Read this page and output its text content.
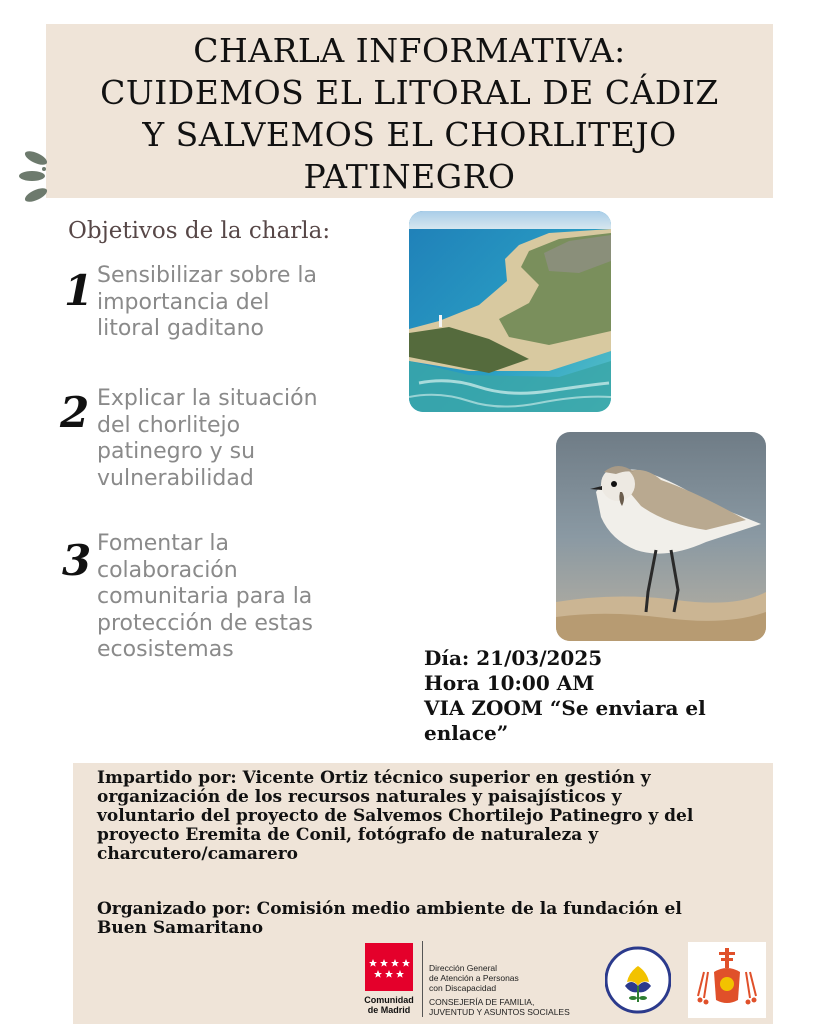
CHARLA INFORMATIVA:
CUIDEMOS EL LITORAL DE CÁDIZ
Y SALVEMOS EL CHORLITEJO
PATINEGRO
Objetivos de la charla:
1 Sensibilizar sobre la
importancia del
litoral gaditano
2 Explicar la situación
del chorlitejo
patinegro y su
vulnerabilidad
3 Fomentar la
colaboración
comunitaria para la
protección de estas
ecosistemas	Día: 21/03/2025
Hora 10:00 AM
VIA ZOOM “Se enviara el
enlace”
Impartido por: Vicente Ortiz técnico superior en gestión y
organización de los recursos naturales y paisajísticos y
voluntario del proyecto de Salvemos Chortilejo Patinegro y del
proyecto Eremita de Conil, fotógrafo de naturaleza y
charcutero/camarero
Organizado por: Comisión medio ambiente de la fundación el
Buen Samaritano
Comunidad
de Madrid
Dirección General
de Atención a Personas
con Discapacidad
CONSEJERÍA DE FAMILIA,
JUVENTUD Y ASUNTOS SOCIALES
